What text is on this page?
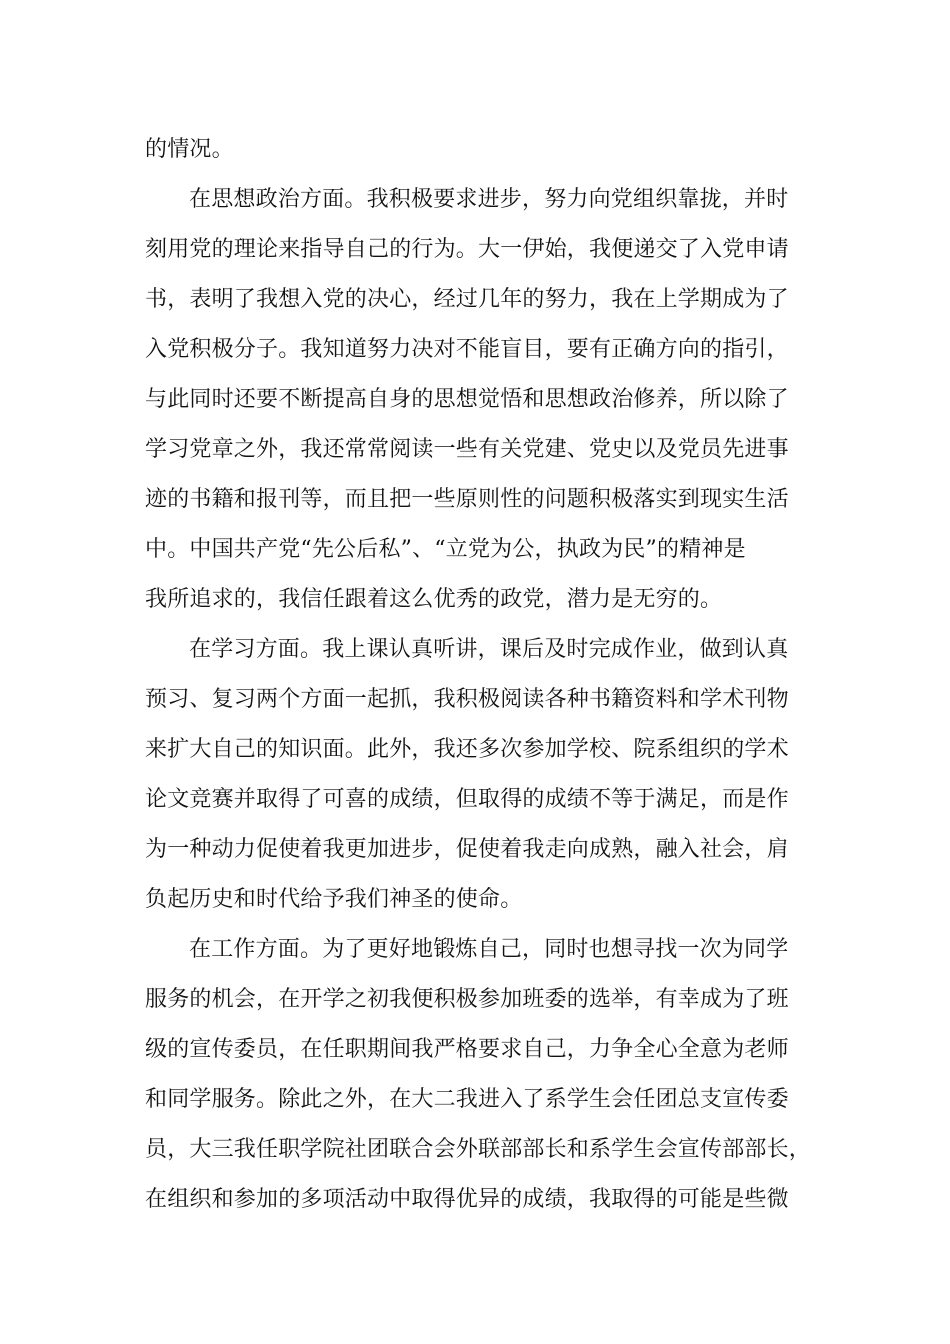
的情况。
在思想政治方面。我积极要求进步，努力向党组织靠拢，并时
刻用党的理论来指导自己的行为。大一伊始，我便递交了入党申请
书，表明了我想入党的决心，经过几年的努力，我在上学期成为了
入党积极分子。我知道努力决对不能盲目，要有正确方向的指引，
与此同时还要不断提高自身的思想觉悟和思想政治修养，所以除了
学习党章之外，我还常常阅读一些有关党建、党史以及党员先进事
迹的书籍和报刊等，而且把一些原则性的问题积极落实到现实生活
中。中国共产党“先公后私”、“立党为公，执政为民”的精神是
我所追求的，我信任跟着这么优秀的政党，潜力是无穷的。
在学习方面。我上课认真听讲，课后及时完成作业，做到认真
预习、复习两个方面一起抓，我积极阅读各种书籍资料和学术刊物
来扩大自己的知识面。此外，我还多次参加学校、院系组织的学术
论文竞赛并取得了可喜的成绩，但取得的成绩不等于满足，而是作
为一种动力促使着我更加进步，促使着我走向成熟，融入社会，肩
负起历史和时代给予我们神圣的使命。
在工作方面。为了更好地锻炼自己，同时也想寻找一次为同学
服务的机会，在开学之初我便积极参加班委的选举，有幸成为了班
级的宣传委员，在任职期间我严格要求自己，力争全心全意为老师
和同学服务。除此之外，在大二我进入了系学生会任团总支宣传委
员，大三我任职学院社团联合会外联部部长和系学生会宣传部部长，
在组织和参加的多项活动中取得优异的成绩，我取得的可能是些微
